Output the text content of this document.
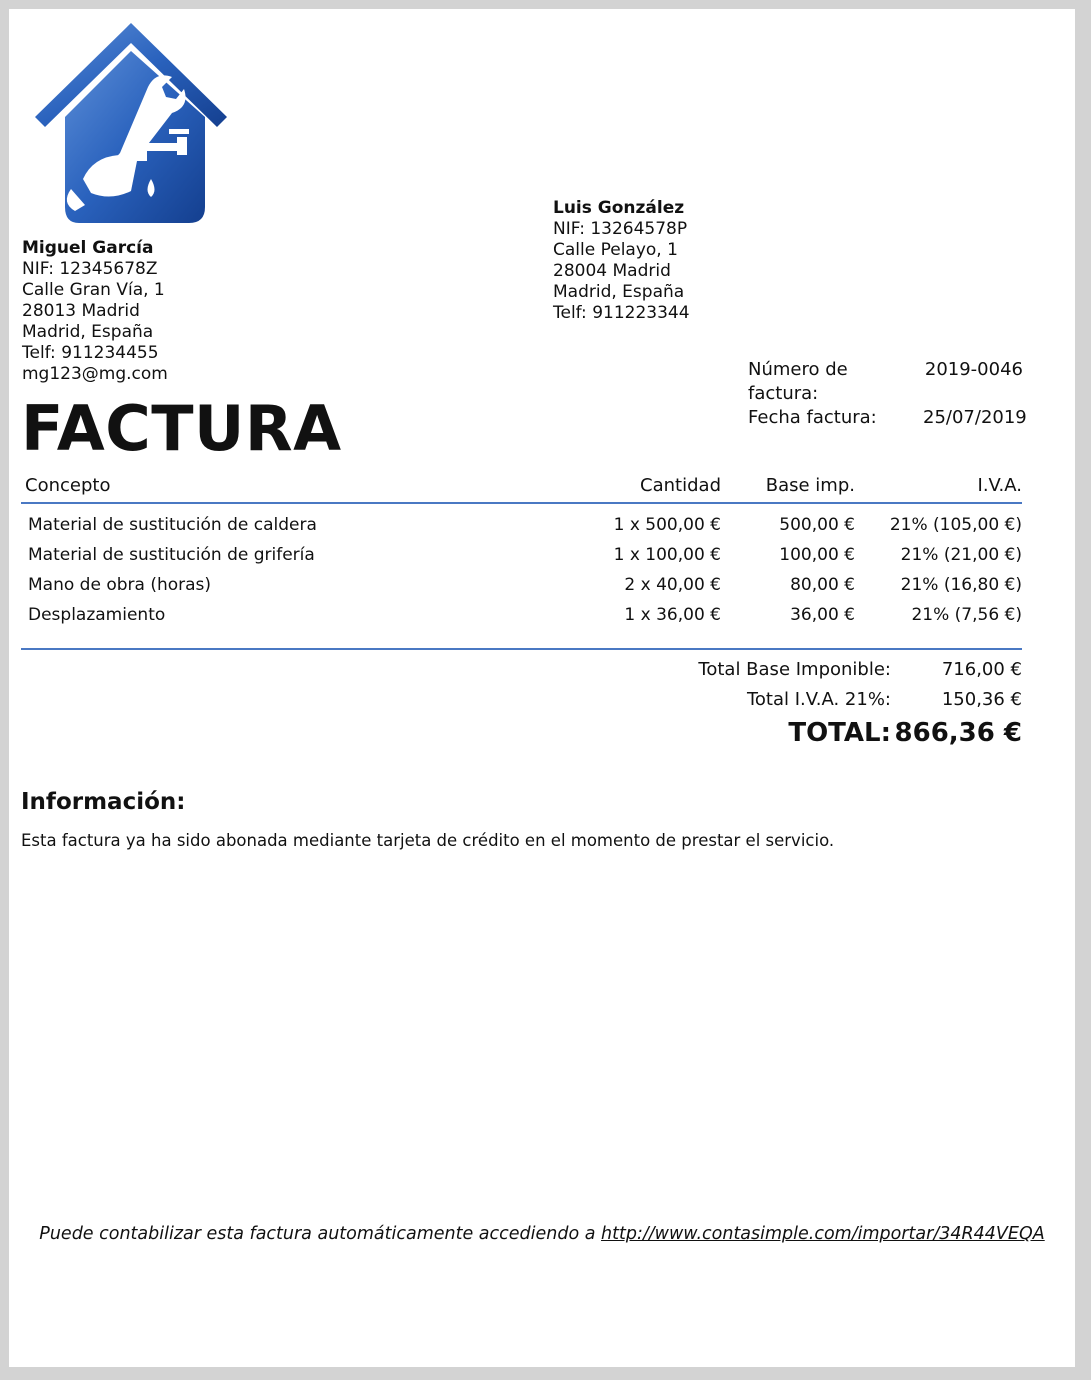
Miguel García
NIF: 12345678Z
Calle Gran Vía, 1
28013 Madrid
Madrid, España
Telf: 911234455
mg123@mg.com
Luis González
NIF: 13264578P
Calle Pelayo, 1
28004 Madrid
Madrid, España
Telf: 911223344
Número de factura:
2019-0046
Fecha factura:	25/07/2019
FACTURA
Concepto	Cantidad	Base imp.	I.V.A.
Material de sustitución de caldera	1 x 500,00 €	500,00 €	21% (105,00 €)
Material de sustitución de grifería	1 x 100,00 €	100,00 €	21% (21,00 €)
Mano de obra (horas)	2 x 40,00 €	80,00 €	21% (16,80 €)
Desplazamiento	1 x 36,00 €	36,00 €	21% (7,56 €)
Total Base Imponible:	716,00 €
Total I.V.A. 21%:	150,36 €
TOTAL: 866,36 €
Información:
Esta factura ya ha sido abonada mediante tarjeta de crédito en el momento de prestar el servicio.
Puede contabilizar esta factura automáticamente accediendo a http://www.contasimple.com/importar/34R44VEQA
